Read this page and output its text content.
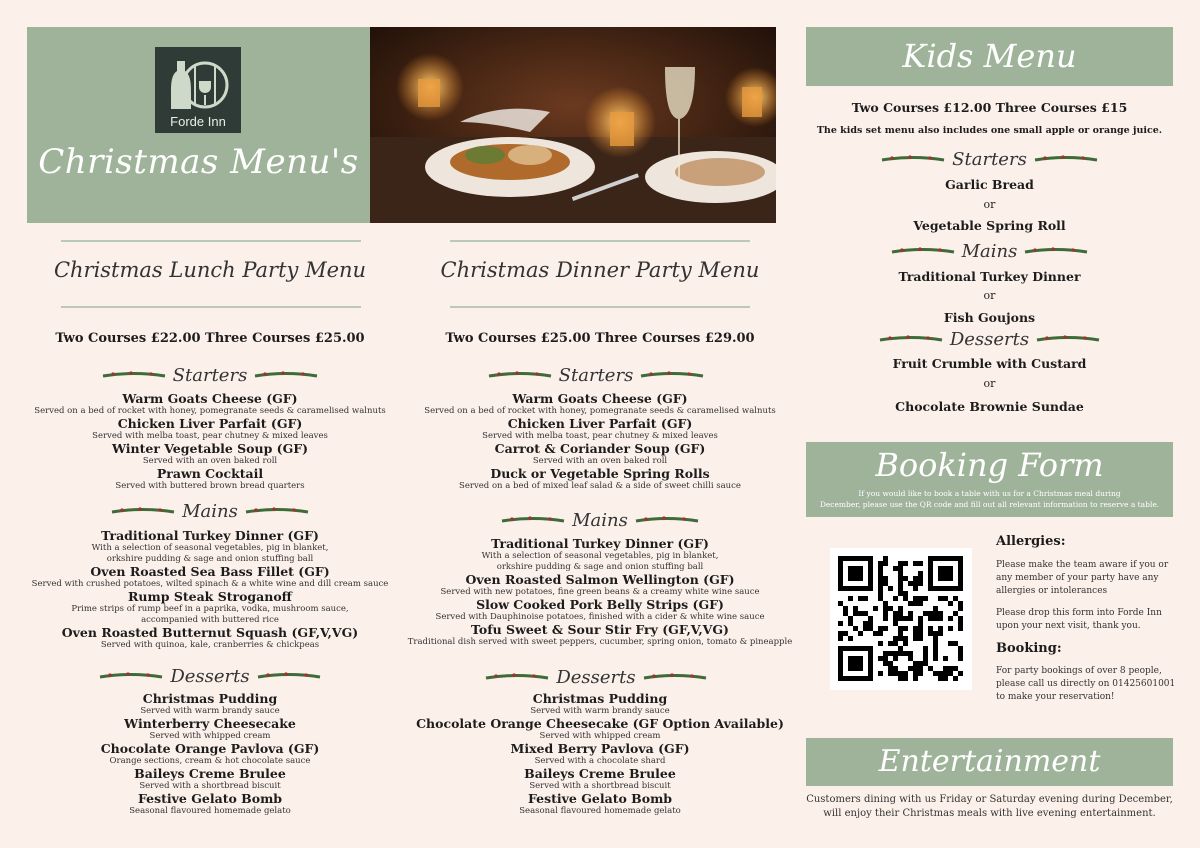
Forde Inn
Christmas Menu's
Christmas Lunch Party Menu
Two Courses £22.00 Three Courses £25.00
Starters
Warm Goats Cheese (GF)
Served on a bed of rocket with honey, pomegranate seeds & caramelised walnuts
Chicken Liver Parfait (GF)
Served with melba toast, pear chutney & mixed leaves
Winter Vegetable Soup (GF)
Served with an oven baked roll
Prawn Cocktail
Served with buttered brown bread quarters
Mains
Traditional Turkey Dinner (GF)
With a selection of seasonal vegetables, pig in blanket,
orkshire pudding & sage and onion stuffing ball
Oven Roasted Sea Bass Fillet (GF)
Served with crushed potatoes, wilted spinach & a white wine and dill cream sauce
Rump Steak Stroganoff
Prime strips of rump beef in a paprika, vodka, mushroom sauce,
accompanied with buttered rice
Oven Roasted Butternut Squash (GF,V,VG)
Served with quinoa, kale, cranberries & chickpeas
Desserts
Christmas Pudding
Served with warm brandy sauce
Winterberry Cheesecake
Served with whipped cream
Chocolate Orange Pavlova (GF)
Orange sections, cream & hot chocolate sauce
Baileys Creme Brulee
Served with a shortbread biscuit
Festive Gelato Bomb
Seasonal flavoured homemade gelato
Christmas Dinner Party Menu
Two Courses £25.00 Three Courses £29.00
Starters
Warm Goats Cheese (GF)
Served on a bed of rocket with honey, pomegranate seeds & caramelised walnuts
Chicken Liver Parfait (GF)
Served with melba toast, pear chutney & mixed leaves
Carrot & Coriander Soup (GF)
Served with an oven baked roll
Duck or Vegetable Spring Rolls
Served on a bed of mixed leaf salad & a side of sweet chilli sauce
Mains
Traditional Turkey Dinner (GF)
With a selection of seasonal vegetables, pig in blanket,
orkshire pudding & sage and onion stuffing ball
Oven Roasted Salmon Wellington (GF)
Served with new potatoes, fine green beans & a creamy white wine sauce
Slow Cooked Pork Belly Strips (GF)
Served with Dauphinoise potatoes, finished with a cider & white wine sauce
Tofu Sweet & Sour Stir Fry (GF,V,VG)
Traditional dish served with sweet peppers, cucumber, spring onion, tomato & pineapple
Desserts
Christmas Pudding
Served with warm brandy sauce
Chocolate Orange Cheesecake (GF Option Available)
Served with whipped cream
Mixed Berry Pavlova (GF)
Served with a chocolate shard
Baileys Creme Brulee
Served with a shortbread biscuit
Festive Gelato Bomb
Seasonal flavoured homemade gelato
Kids Menu
Two Courses £12.00 Three Courses £15
The kids set menu also includes one small apple or orange juice.
Starters
Garlic Bread
or
Vegetable Spring Roll
Mains
Traditional Turkey Dinner
or
Fish Goujons
Desserts
Fruit Crumble with Custard
or
Chocolate Brownie Sundae
Booking Form
If you would like to book a table with us for a Christmas meal during
December, please use the QR code and fill out all relevant information to reserve a table.
Allergies:
Please make the team aware if you or any member of your party have any allergies or intolerances
Please drop this form into Forde Inn upon your next visit, thank you.
Booking:
For party bookings of over 8 people, please call us directly on 01425601001 to make your reservation!
Entertainment
Customers dining with us Friday or Saturday evening during December,
will enjoy their Christmas meals with live evening entertainment.
